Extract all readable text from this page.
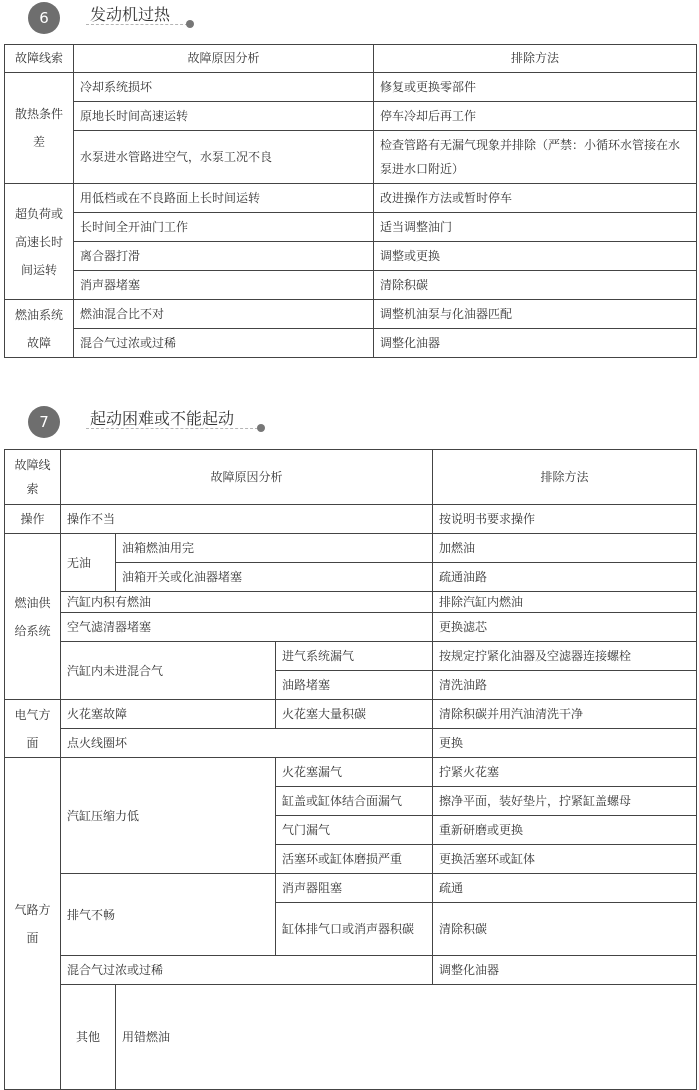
6	发动机过热
故障线索	故障原因分析	排除方法
散热条件差	冷却系统损坏	修复或更换零部件
	原地长时间高速运转	停车冷却后再工作
	水泵进水管路进空气，水泵工况不良	检查管路有无漏气现象并排除（严禁：小循环水管接在水泵进水口附近）
超负荷或高速长时间运转	用低档或在不良路面上长时间运转	改进操作方法或暂时停车
	长时间全开油门工作	适当调整油门
	离合器打滑	调整或更换
	消声器堵塞	清除积碳
燃油系统故障	燃油混合比不对	调整机油泵与化油器匹配
	混合气过浓或过稀	调整化油器
7	起动困难或不能起动
故障线索	故障原因分析			排除方法	
操作	操作不当			按说明书要求操作	
燃油供给系统	无油	油箱燃油用完		加燃油	
		油箱开关或化油器堵塞		疏通油路	
	汽缸内积有燃油			排除汽缸内燃油	
	空气滤清器堵塞			更换滤芯	
	汽缸内未进混合气		进气系统漏气	按规定拧紧化油器及空滤器连接螺栓	
			油路堵塞	清洗油路	
电气方面	火花塞故障		火花塞大量积碳	清除积碳并用汽油清洗干净	
	点火线圈坏			更换	
气路方面	汽缸压缩力低		火花塞漏气	拧紧火花塞	
			缸盖或缸体结合面漏气	擦净平面，装好垫片，拧紧缸盖螺母	
			气门漏气	重新研磨或更换	
			活塞环或缸体磨损严重	更换活塞环或缸体	
	排气不畅		消声器阻塞	疏通	
			缸体排气口或消声器积碳	清除积碳	
	混合气过浓或过稀			调整化油器	
	其他	用错燃油	
